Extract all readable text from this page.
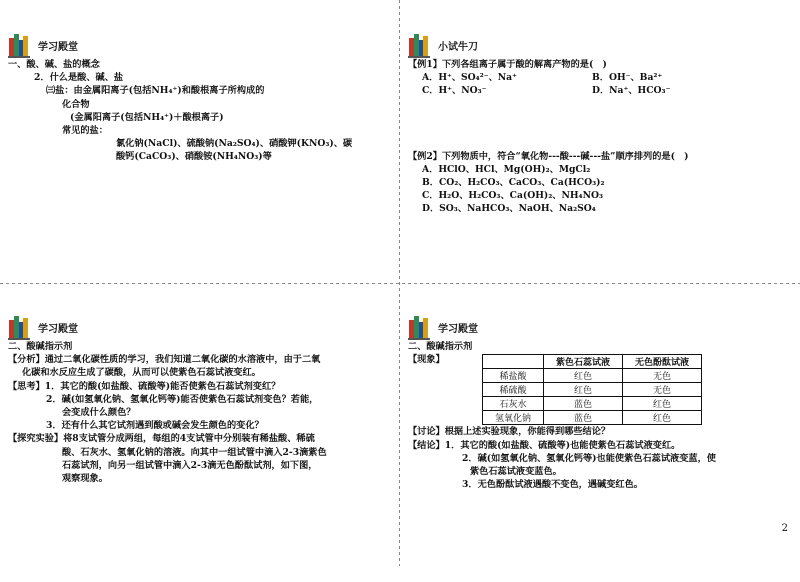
学习殿堂
一、酸、碱、盐的概念
2．什么是酸、碱、盐
㈢盐：由金属阳离子(包括NH₄⁺)和酸根离子所构成的
化合物
(金属阳离子(包括NH₄⁺)＋酸根离子)
常见的盐：
氯化钠(NaCl)、硫酸钠(Na₂SO₄)、硝酸钾(KNO₃)、碳
酸钙(CaCO₃)、硝酸铵(NH₄NO₃)等
小试牛刀
【例1】下列各组离子属于酸的解离产物的是(　)
A．H⁺、SO₄²⁻、Na⁺	B．OH⁻、Ba²⁺
C．H⁺、NO₃⁻	D．Na⁺、HCO₃⁻
【例2】下列物质中，符合“氧化物---酸---碱---盐”顺序排列的是(　)
A．HClO、HCl、Mg(OH)₂、MgCl₂
B．CO₂、H₂CO₃、CaCO₃、Ca(HCO₃)₂
C．H₂O、H₂CO₃、Ca(OH)₂、NH₄NO₃
D．SO₃、NaHCO₃、NaOH、Na₂SO₄
学习殿堂
二、酸碱指示剂
【分析】通过二氧化碳性质的学习，我们知道二氧化碳的水溶液中，由于二氧
化碳和水反应生成了碳酸，从而可以使紫色石蕊试液变红。
【思考】1．其它的酸(如盐酸、硫酸等)能否使紫色石蕊试剂变红？
2．碱(如氢氧化钠、氢氧化钙等)能否使紫色石蕊试剂变色？若能，
会变成什么颜色？
3．还有什么其它试剂遇到酸或碱会发生颜色的变化？
【探究实验】将8支试管分成两组，每组的4支试管中分别装有稀盐酸、稀硫
酸、石灰水、氢氧化钠的溶液。向其中一组试管中滴入2-3滴紫色
石蕊试剂，向另一组试管中滴入2-3滴无色酚酞试剂，如下图，
观察现象。
学习殿堂
二、酸碱指示剂
【现象】
		紫色石蕊试液	无色酚酞试液
稀盐酸	红色	无色
稀硫酸	红色	无色
石灰水	蓝色	红色
氢氧化钠	蓝色	红色
【讨论】根据上述实验现象，你能得到哪些结论？
【结论】1．其它的酸(如盐酸、硫酸等)也能使紫色石蕊试液变红。
2．碱(如氢氧化钠、氢氧化钙等)也能使紫色石蕊试液变蓝，使
紫色石蕊试液变蓝色。
3．无色酚酞试液遇酸不变色，遇碱变红色。
2
